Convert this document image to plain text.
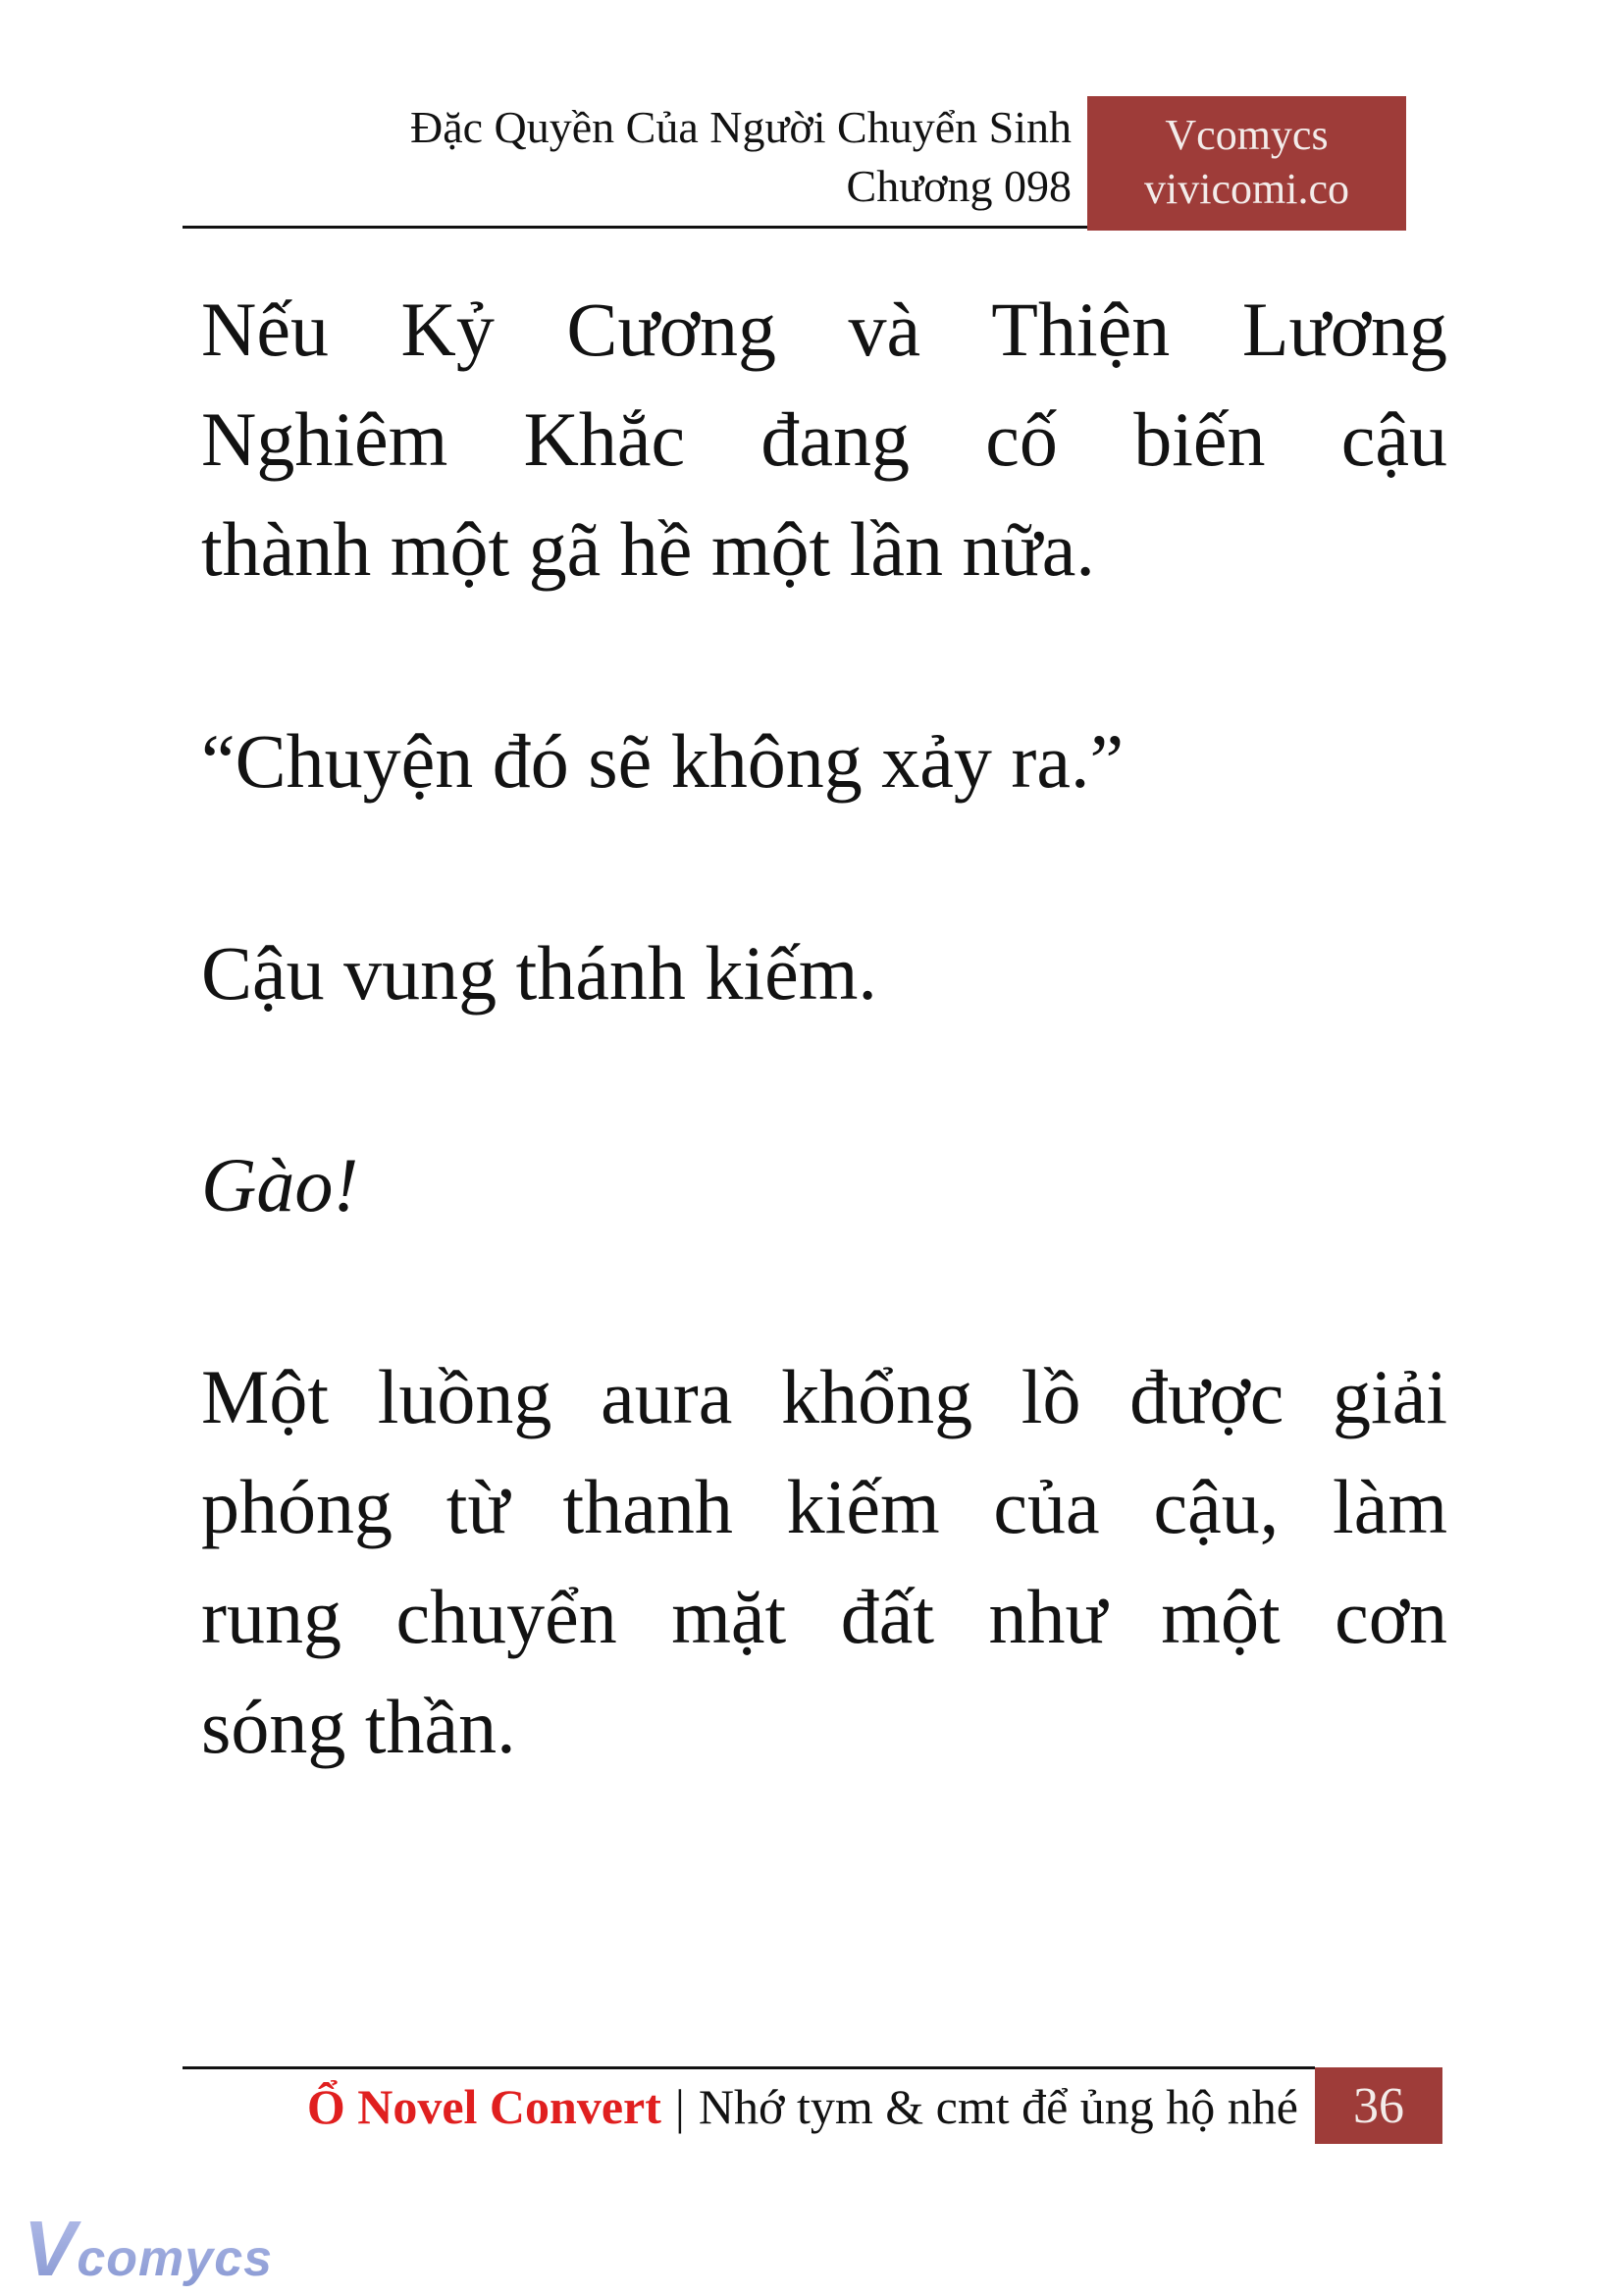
Đặc Quyền Của Người Chuyển Sinh
Chương 098
Vcomycs
vivicomi.co
Nếu Kỷ Cương và Thiện Lương
Nghiêm Khắc đang cố biến cậu
thành một gã hề một lần nữa.
“Chuyện đó sẽ không xảy ra.”
Cậu vung thánh kiếm.
Gào!
Một luồng aura khổng lồ được giải
phóng từ thanh kiếm của cậu, làm
rung chuyển mặt đất như một cơn
sóng thần.
Ổ Novel Convert | Nhớ tym & cmt để ủng hộ nhé 36
Vcomycs
